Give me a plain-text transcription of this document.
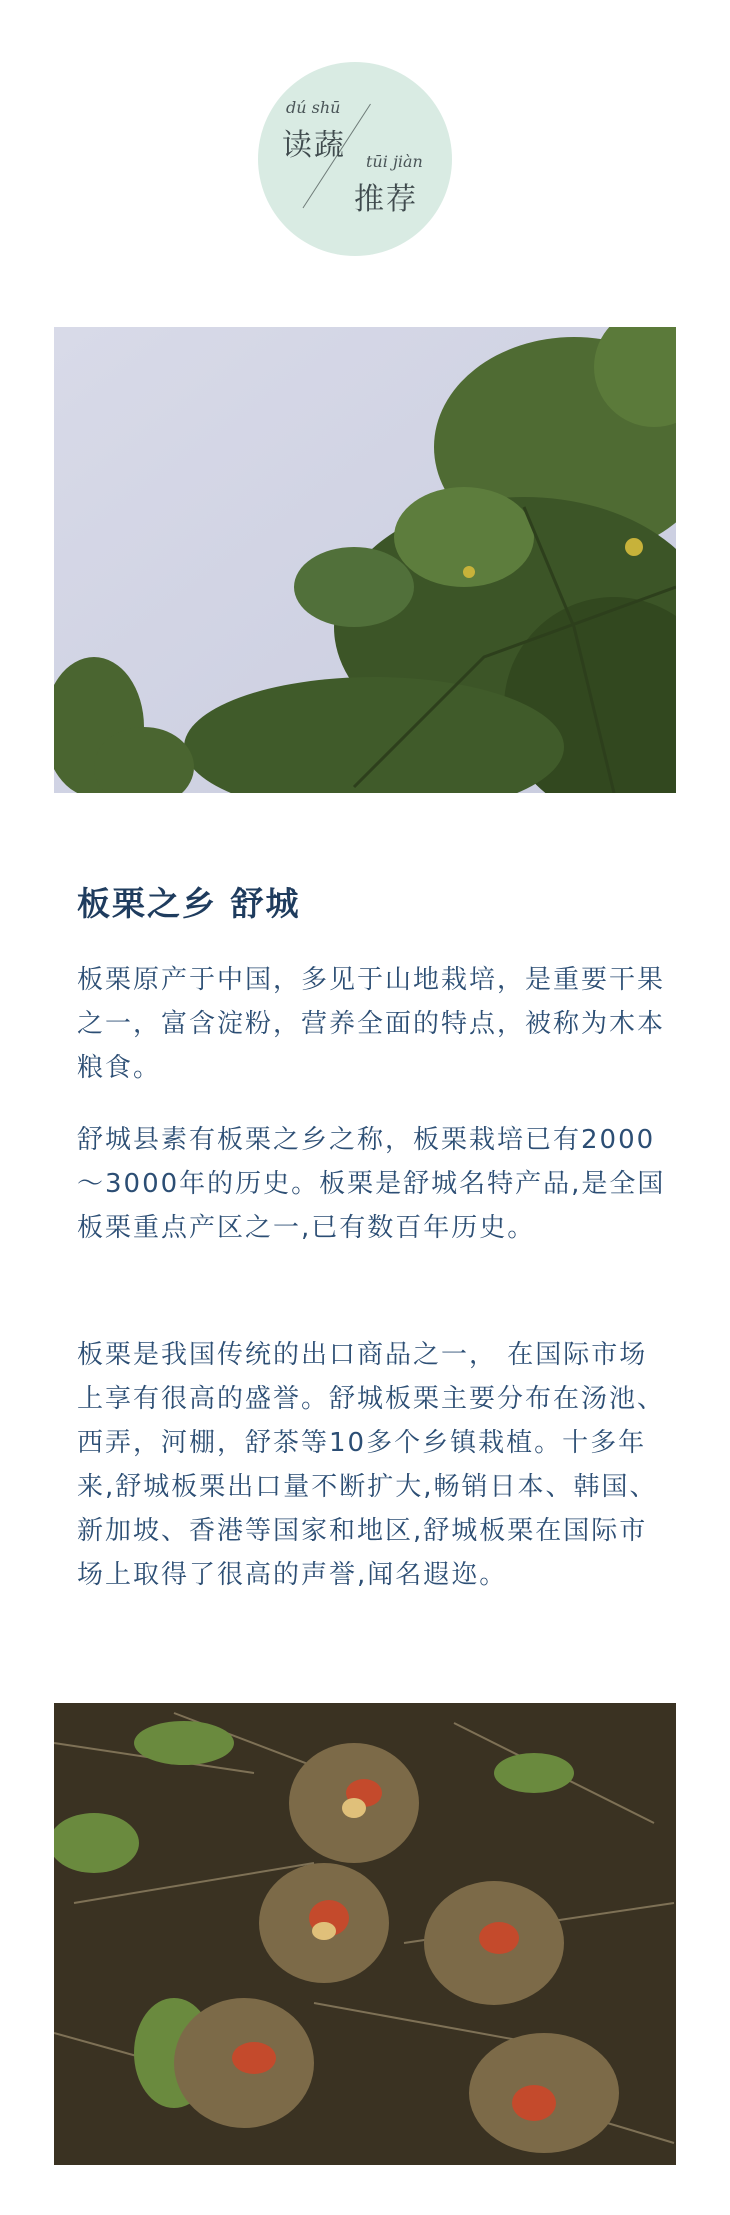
dú shū
读蔬 tūi jiàn
推荐
板栗之乡 舒城

板栗原产于中国，多见于山地栽培，是重要干果之一，富含淀粉，营养全面的特点，被称为木本粮食。

舒城县素有板栗之乡之称，板栗栽培已有2000～3000年的历史。板栗是舒城名特产品,是全国板栗重点产区之一,已有数百年历史。

板栗是我国传统的出口商品之一， 在国际市场上享有很高的盛誉。舒城板栗主要分布在汤池、西弄，河棚，舒茶等10多个乡镇栽植。十多年来,舒城板栗出口量不断扩大,畅销日本、韩国、新加坡、香港等国家和地区,舒城板栗在国际市场上取得了很高的声誉,闻名遐迩。
